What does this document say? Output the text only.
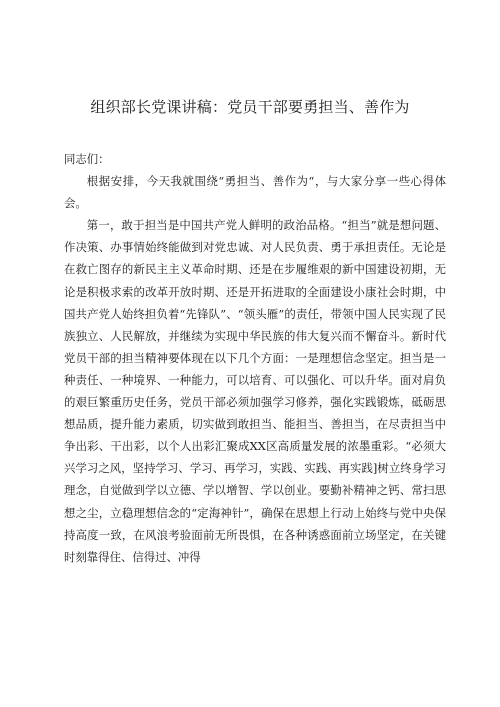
组织部长党课讲稿：党员干部要勇担当、善作为

同志们：

根据安排，今天我就围绕“勇担当、善作为“，与大家分享一些心得体会。

第一，敢于担当是中国共产党人鲜明的政治品格。“担当”就是想问题、作决策、办事情始终能做到对党忠诚、对人民负责、勇于承担责任。无论是在救亡图存的新民主主义革命时期、还是在步履维艰的新中国建设初期，无论是积极求索的改革开放时期、还是开拓进取的全面建设小康社会时期，中国共产党人始终担负着“先锋队”、“领头雁”的责任，带领中国人民实现了民族独立、人民解放，并继续为实现中华民族的伟大复兴而不懈奋斗。新时代党员干部的担当精神要体现在以下几个方面：一是理想信念坚定。担当是一种责任、一种境界、一种能力，可以培育、可以强化、可以升华。面对肩负的艰巨繁重历史任务，党员干部必须加强学习修养，强化实践锻炼，砥砺思想品质，提升能力素质，切实做到敢担当、能担当、善担当，在尽责担当中争出彩、干出彩，以个人出彩汇聚成XX区高质量发展的浓墨重彩。“必须大兴学习之风，坚持学习、学习、再学习，实践、实践、再实践]树立终身学习理念，自觉做到学以立德、学以增智、学以创业。要勤补精神之钙、常扫思想之尘，立稳理想信念的“定海神针”，确保在思想上行动上始终与党中央保持高度一致，在风浪考验面前无所畏惧，在各种诱惑面前立场坚定，在关键时刻靠得住、信得过、冲得
